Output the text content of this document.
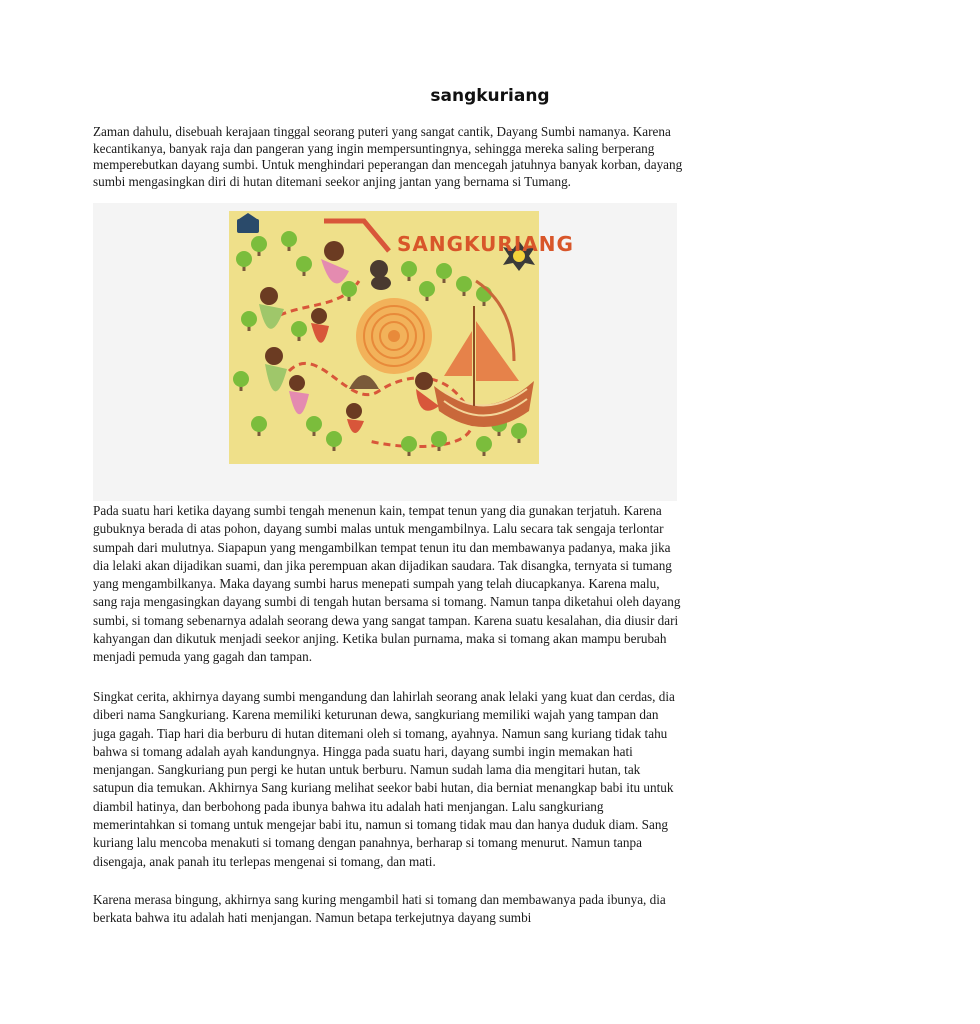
sangkuriang

Zaman dahulu, disebuah kerajaan tinggal seorang puteri yang sangat cantik, Dayang Sumbi namanya. Karena kecantikanya, banyak raja dan pangeran yang ingin mempersuntingnya, sehingga mereka saling berperang memperebutkan dayang sumbi. Untuk menghindari peperangan dan mencegah jatuhnya banyak korban, dayang sumbi mengasingkan diri di hutan ditemani seekor anjing jantan yang bernama si Tumang.

SANGKURIANG

Pada suatu hari ketika dayang sumbi tengah menenun kain, tempat tenun yang dia gunakan terjatuh. Karena gubuknya berada di atas pohon, dayang sumbi malas untuk mengambilnya. Lalu secara tak sengaja terlontar sumpah dari mulutnya. Siapapun yang mengambilkan tempat tenun itu dan membawanya padanya, maka jika dia lelaki akan dijadikan suami, dan jika perempuan akan dijadikan saudara. Tak disangka, ternyata si tumang yang mengambilkanya. Maka dayang sumbi harus menepati sumpah yang telah diucapkanya. Karena malu, sang raja mengasingkan dayang sumbi di tengah hutan bersama si tomang. Namun tanpa diketahui oleh dayang sumbi, si tomang sebenarnya adalah seorang dewa yang sangat tampan. Karena suatu kesalahan, dia diusir dari kahyangan dan dikutuk menjadi seekor anjing. Ketika bulan purnama, maka si tomang akan mampu berubah menjadi pemuda yang gagah dan tampan.

Singkat cerita, akhirnya dayang sumbi mengandung dan lahirlah seorang anak lelaki yang kuat dan cerdas, dia diberi nama Sangkuriang. Karena memiliki keturunan dewa, sangkuriang memiliki wajah yang tampan dan juga gagah. Tiap hari dia berburu di hutan ditemani oleh si tomang, ayahnya. Namun sang kuriang tidak tahu bahwa si tomang adalah ayah kandungnya. Hingga pada suatu hari, dayang sumbi ingin memakan hati menjangan. Sangkuriang pun pergi ke hutan untuk berburu. Namun sudah lama dia mengitari hutan, tak satupun dia temukan. Akhirnya Sang kuriang melihat seekor babi hutan, dia berniat menangkap babi itu untuk diambil hatinya, dan berbohong pada ibunya bahwa itu adalah hati menjangan. Lalu sangkuriang memerintahkan si tomang untuk mengejar babi itu, namun si tomang tidak mau dan hanya duduk diam. Sang kuriang lalu mencoba menakuti si tomang dengan panahnya, berharap si tomang menurut. Namun tanpa disengaja, anak panah itu terlepas mengenai si tomang, dan mati.

Karena merasa bingung, akhirnya sang kuring mengambil hati si tomang dan membawanya pada ibunya, dia berkata bahwa itu adalah hati menjangan. Namun betapa terkejutnya dayang sumbi
